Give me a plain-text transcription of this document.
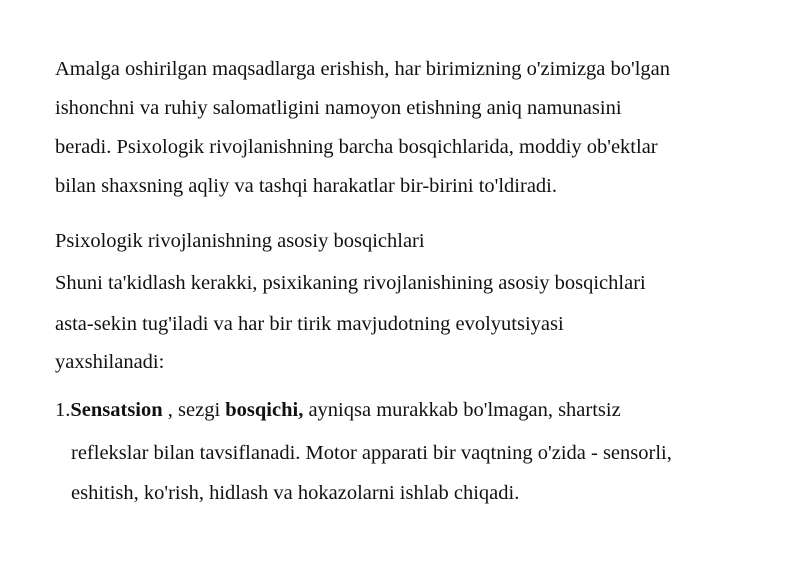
Amalga oshirilgan maqsadlarga erishish, har birimizning o'zimizga bo'lgan
ishonchni va ruhiy salomatligini namoyon etishning aniq namunasini
beradi. Psixologik rivojlanishning barcha bosqichlarida, moddiy ob'ektlar
bilan shaxsning aqliy va tashqi harakatlar bir-birini to'ldiradi.
Psixologik rivojlanishning asosiy bosqichlari
Shuni ta'kidlash kerakki, psixikaning rivojlanishining asosiy bosqichlari
asta-sekin tug'iladi va har bir tirik mavjudotning evolyutsiyasi
yaxshilanadi:
1.Sensatsion , sezgi bosqichi, ayniqsa murakkab bo'lmagan, shartsiz
reflekslar bilan tavsiflanadi. Motor apparati bir vaqtning o'zida - sensorli,
eshitish, ko'rish, hidlash va hokazolarni ishlab chiqadi.
